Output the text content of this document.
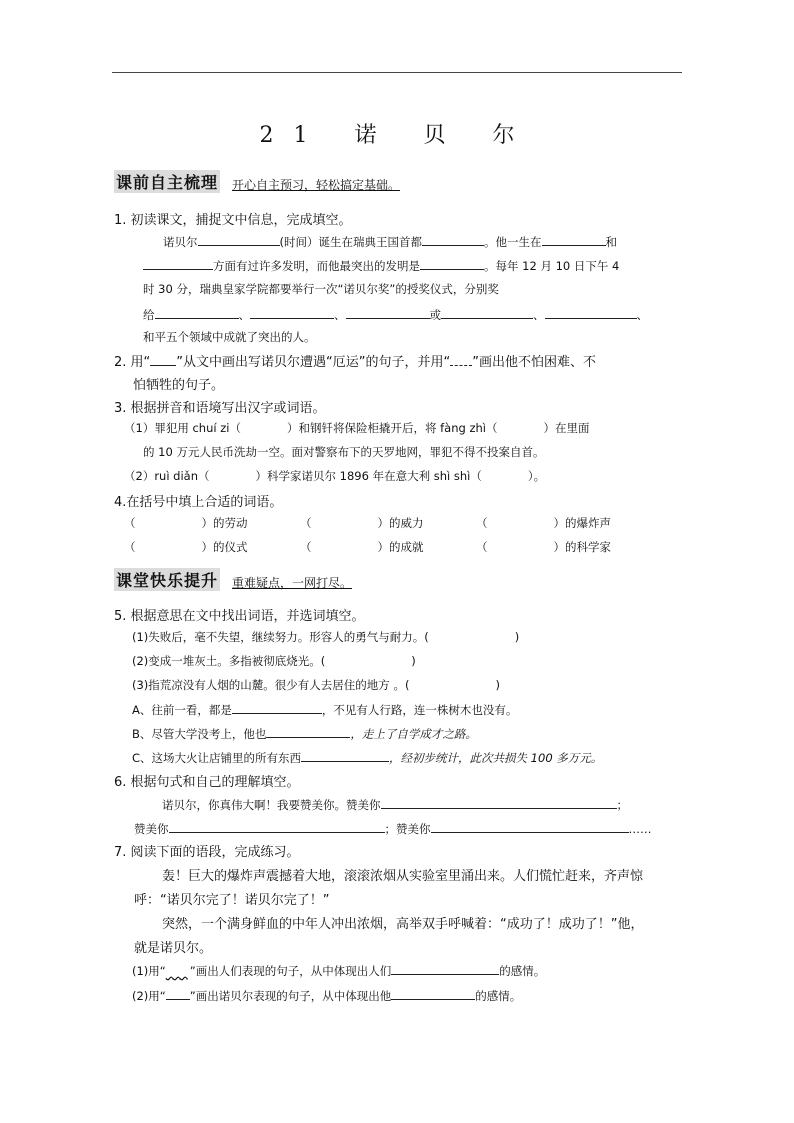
21 诺 贝 尔
课前自主梳理 开心自主预习，轻松搞定基础。
1. 初读课文，捕捉文中信息，完成填空。
诺贝尔	(时间）诞生在瑞典王国首都	。他一生在	和
方面有过许多发明，而他最突出的发明是	。每年 12 月 10 日下午 4
时 30 分，瑞典皇家学院都要举行一次“诺贝尔奖”的授奖仪式，分别奖
给	、	、	或	、	、
和平五个领域中成就了突出的人。
2. 用“ ”从文中画出写诺贝尔遭遇“厄运”的句子，并用“ ”画出他不怕困难、不
怕牺牲的句子。
3. 根据拼音和语境写出汉字或词语。
（1）罪犯用 chuí zi（	）和钢钎将保险柜撬开后，将 fàng zhì（	）在里面
的 10 万元人民币洗劫一空。面对警察布下的天罗地网，罪犯不得不投案自首。
（2）ruì diǎn（	）科学家诺贝尔 1896 年在意大利 shì shì（	）。
4.在括号中填上合适的词语。
（	）的劳动	（	）的威力	（	）的爆炸声
（	）的仪式	（	）的成就	（	）的科学家
课堂快乐提升 重难疑点，一网打尽。
5. 根据意思在文中找出词语，并选词填空。
(1)失败后，毫不失望，继续努力。形容人的勇气与耐力。(	)
(2)变成一堆灰土。多指被彻底烧光。(	)
(3)指荒凉没有人烟的山麓。很少有人去居住的地方 。(	)
A、往前一看，都是	，不见有人行路，连一株树木也没有。
B、尽管大学没考上，他也	，走上了自学成才之路。
C、这场大火让店铺里的所有东西	，经初步统计，此次共损失 100 多万元。
6. 根据句式和自己的理解填空。
诺贝尔，你真伟大啊！我要赞美你。赞美你	；
赞美你	；赞美你	……
7. 阅读下面的语段，完成练习。
轰！巨大的爆炸声震撼着大地，滚滚浓烟从实验室里涌出来。人们慌忙赶来，齐声惊
呼：“诺贝尔完了！诺贝尔完了！”
突然，一个满身鲜血的中年人冲出浓烟，高举双手呼喊着：“成功了！成功了！”他，
就是诺贝尔。
(1)用“​      ”画出人们表现的句子，从中体现出人们	的感情。
(2)用“ ”画出诺贝尔表现的句子，从中体现出他	的感情。
